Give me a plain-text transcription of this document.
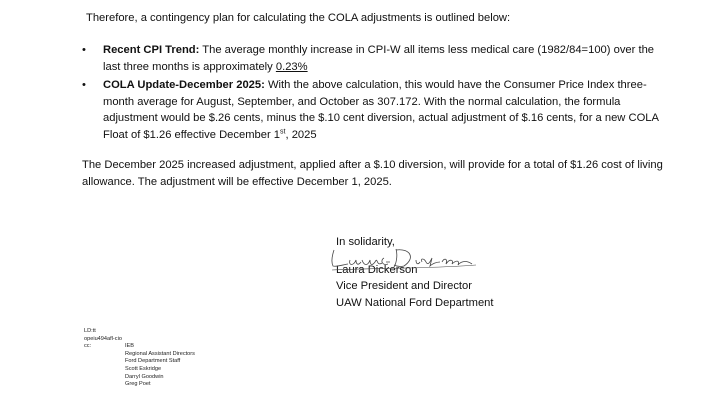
Therefore, a contingency plan for calculating the COLA adjustments is outlined below:

• Recent CPI Trend: The average monthly increase in CPI-W all items less medical care (1982/84=100) over the last three months is approximately 0.23%
• COLA Update-December 2025: With the above calculation, this would have the Consumer Price Index three-month average for August, September, and October as 307.172. With the normal calculation, the formula adjustment would be $.26 cents, minus the $.10 cent diversion, actual adjustment of $.16 cents, for a new COLA Float of $1.26 effective December 1st, 2025

The December 2025 increased adjustment, applied after a $.10 diversion, will provide for a total of $1.26 cost of living allowance. The adjustment will be effective December 1, 2025.

In solidarity,
Laura Dickerson
Vice President and Director
UAW National Ford Department
LD:tt
opeiu494afl-cio
cc:	IEB
Regional Assistant Directors
Ford Department Staff
Scott Eskridge
Darryl Goodwin
Greg Poet
